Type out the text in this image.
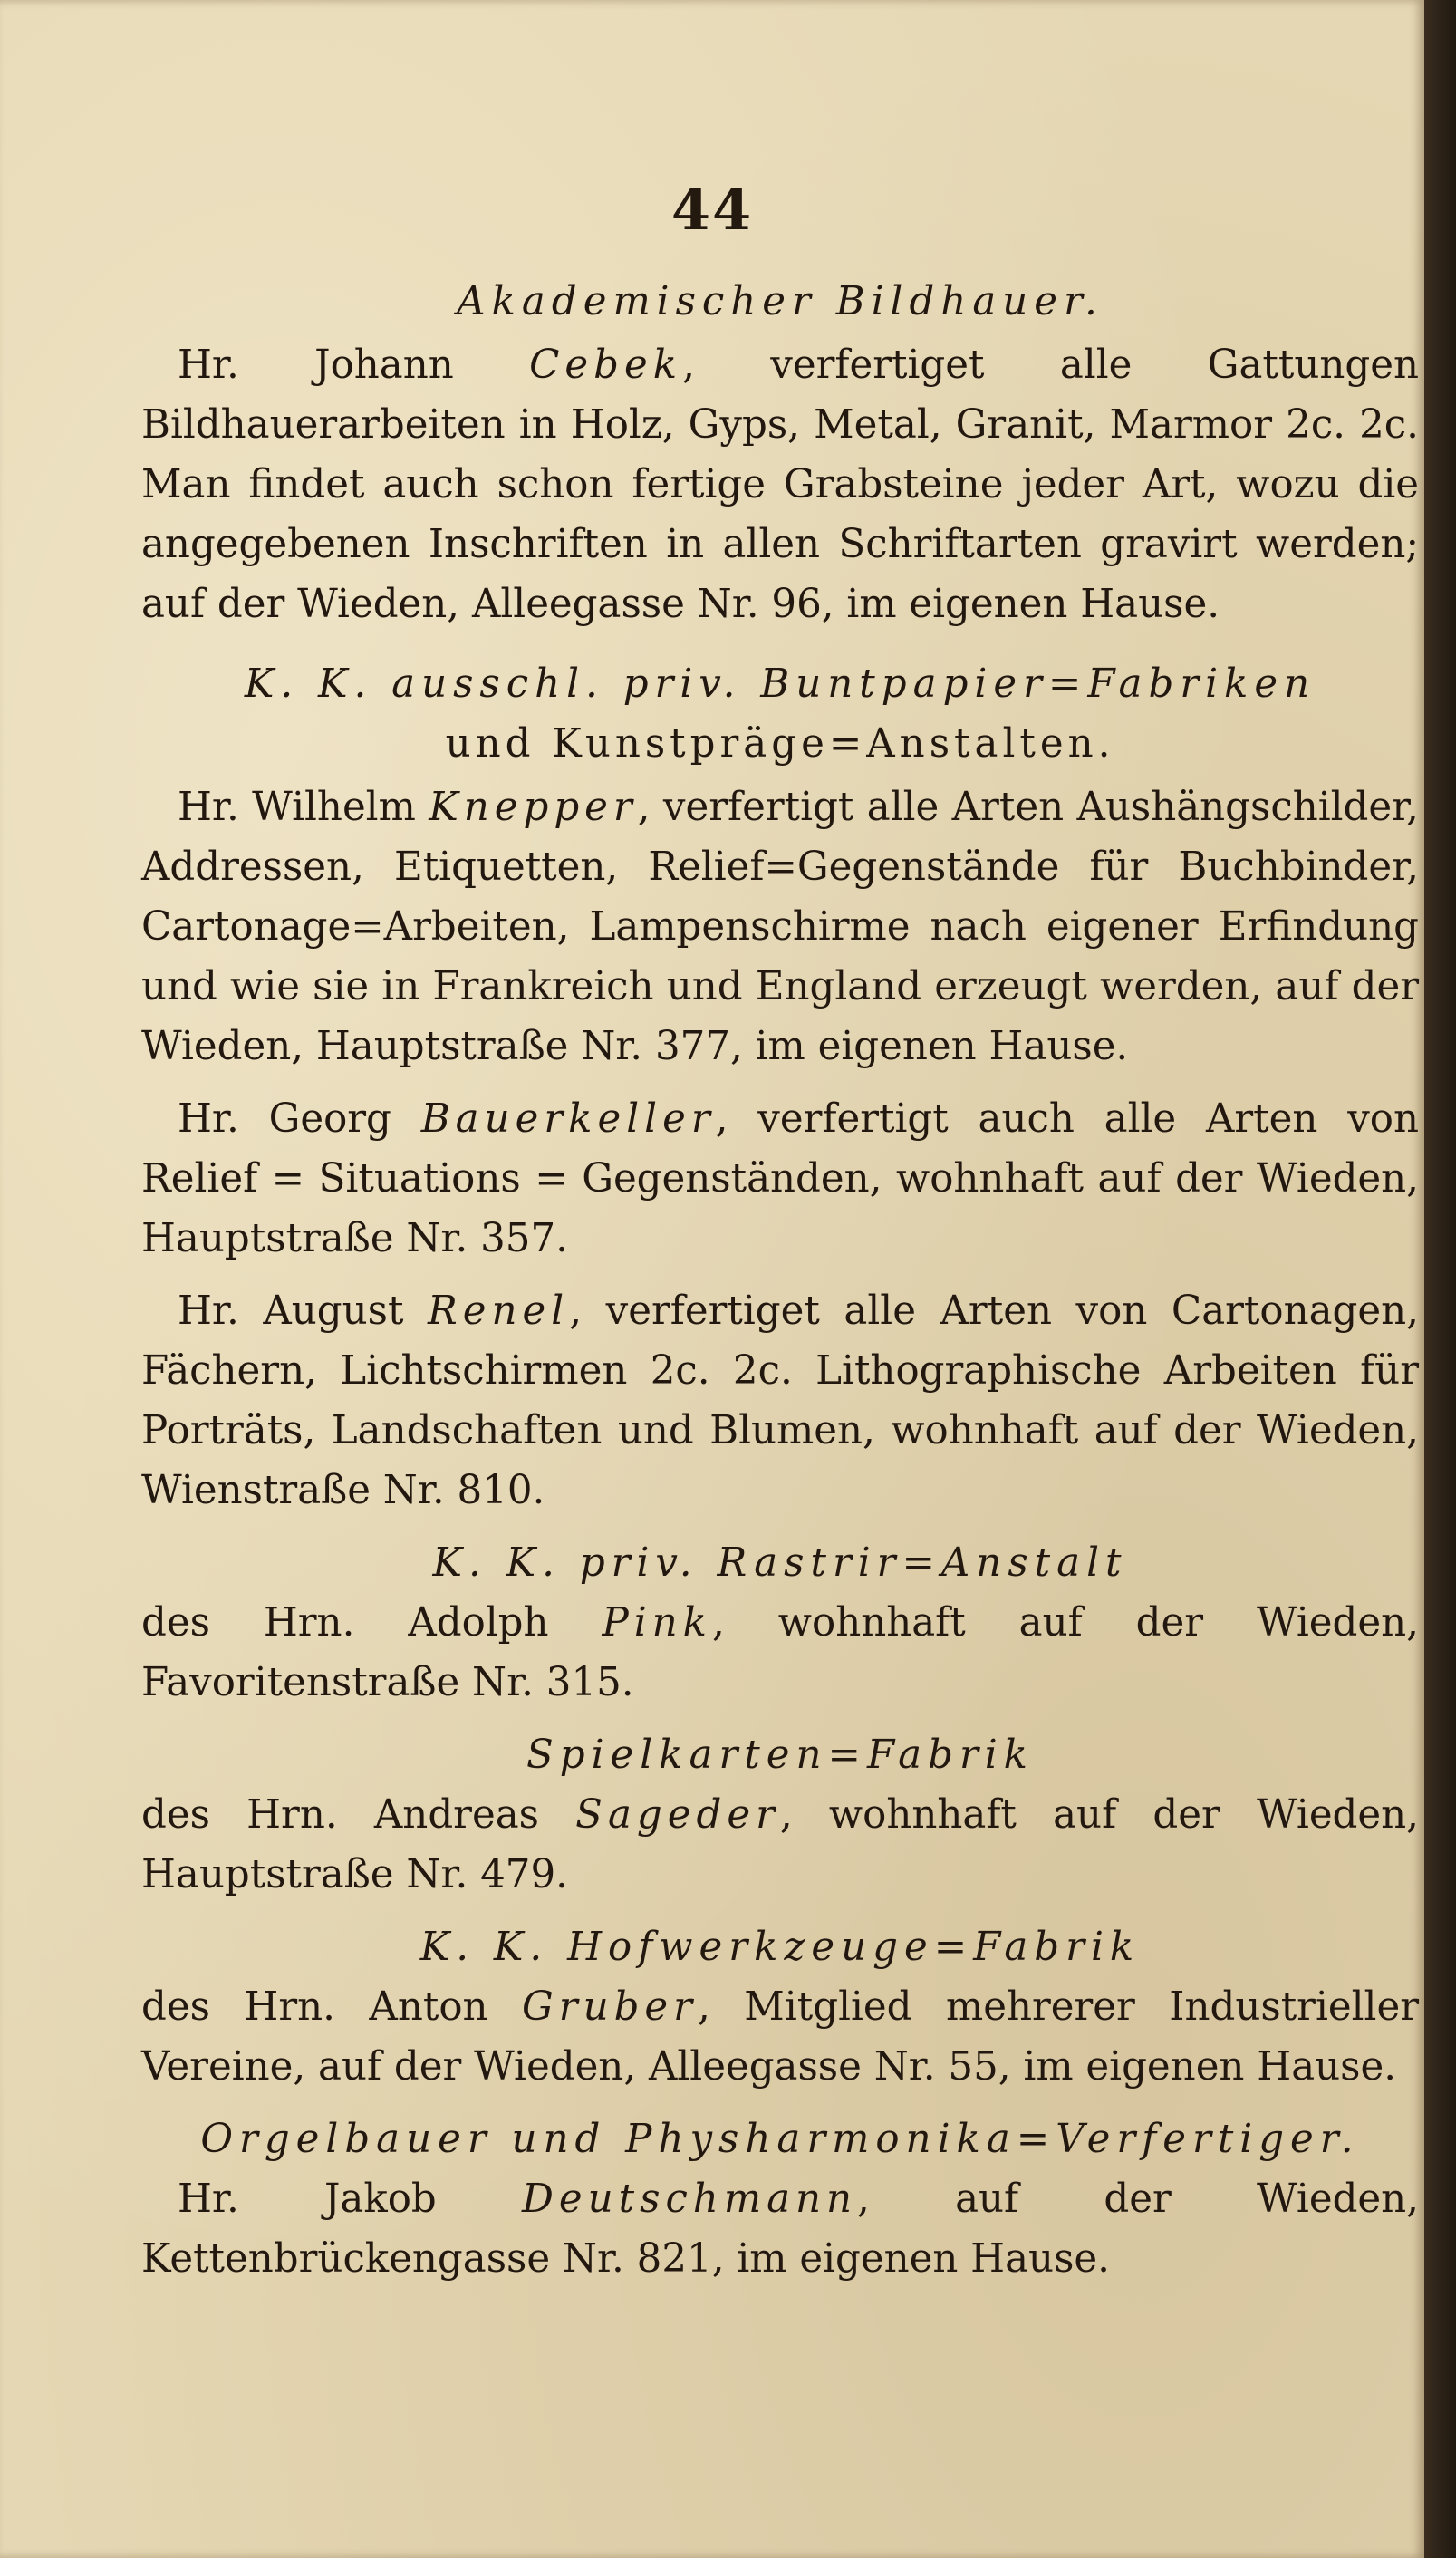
44
Akademischer Bildhauer.

Hr. Johann Cebek, verfertiget alle Gattungen Bildhauerarbeiten in Holz, Gyps, Metal, Granit, Marmor 2c. 2c. Man findet auch schon fertige Grabsteine jeder Art, wozu die angegebenen Inschriften in allen Schriftarten gravirt werden; auf der Wieden, Alleegasse Nr. 96, im eigenen Hause.

K. K. ausschl. priv. Buntpapier=Fabriken
und Kunstpräge=Anstalten.

Hr. Wilhelm Knepper, verfertigt alle Arten Aushängschilder, Addressen, Etiquetten, Relief=Gegenstände für Buchbinder, Cartonage=Arbeiten, Lampenschirme nach eigener Erfindung und wie sie in Frankreich und England erzeugt werden, auf der Wieden, Hauptstraße Nr. 377, im eigenen Hause.

Hr. Georg Bauerkeller, verfertigt auch alle Arten von Relief = Situations = Gegenständen, wohnhaft auf der Wieden, Hauptstraße Nr. 357.

Hr. August Renel, verfertiget alle Arten von Cartonagen, Fächern, Lichtschirmen 2c. 2c. Lithographische Arbeiten für Porträts, Landschaften und Blumen, wohnhaft auf der Wieden, Wienstraße Nr. 810.

K. K. priv. Rastrir=Anstalt

des Hrn. Adolph Pink, wohnhaft auf der Wieden, Favoritenstraße Nr. 315.

Spielkarten=Fabrik

des Hrn. Andreas Sageder, wohnhaft auf der Wieden, Hauptstraße Nr. 479.

K. K. Hofwerkzeuge=Fabrik

des Hrn. Anton Gruber, Mitglied mehrerer Industrieller Vereine, auf der Wieden, Alleegasse Nr. 55, im eigenen Hause.

Orgelbauer und Physharmonika=Verfertiger.

Hr. Jakob Deutschmann, auf der Wieden, Kettenbrückengasse Nr. 821, im eigenen Hause.
